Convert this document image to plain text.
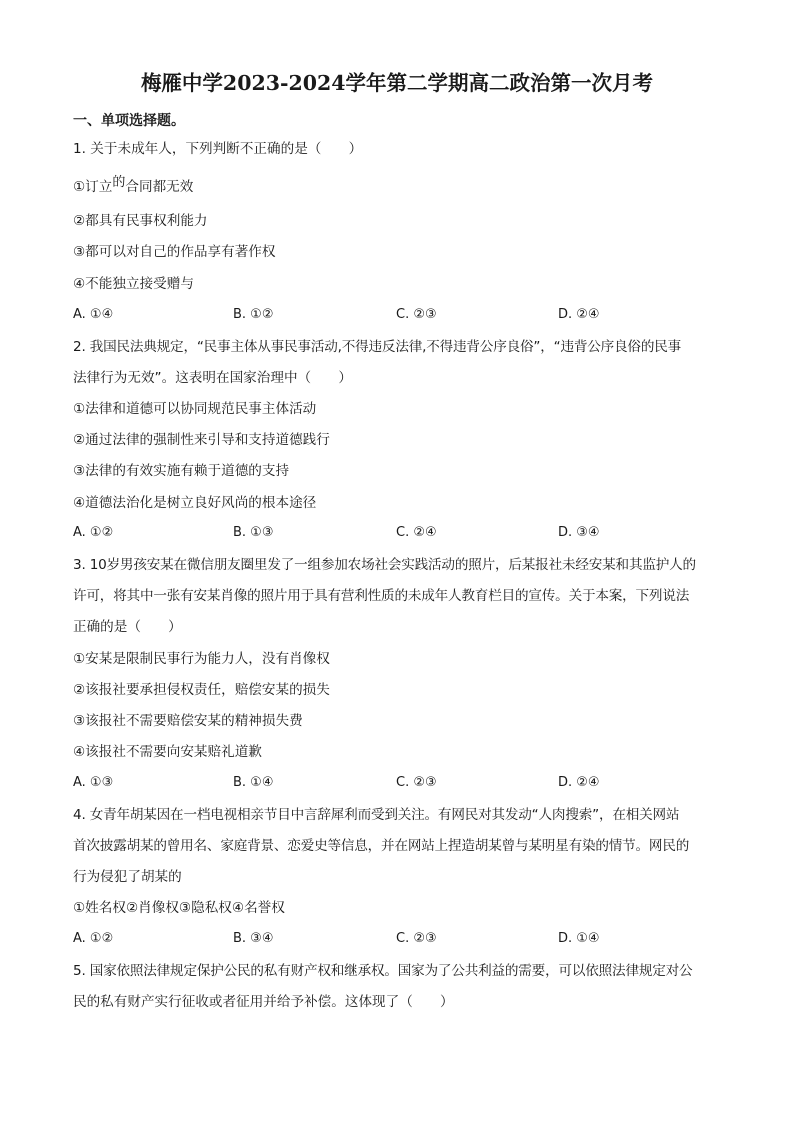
梅雁中学2023-2024学年第二学期高二政治第一次月考
一、单项选择题。
1. 关于未成年人，下列判断不正确的是（　　）
①订立的合同都无效
②都具有民事权利能力
③都可以对自己的作品享有著作权
④不能独立接受赠与
A. ①④	B. ①②	C. ②③	D. ②④
2. 我国民法典规定，“民事主体从事民事活动,不得违反法律,不得违背公序良俗”，“违背公序良俗的民事
法律行为无效”。这表明在国家治理中（　　）
①法律和道德可以协同规范民事主体活动
②通过法律的强制性来引导和支持道德践行
③法律的有效实施有赖于道德的支持
④道德法治化是树立良好风尚的根本途径
A. ①②	B. ①③	C. ②④	D. ③④
3. 10岁男孩安某在微信朋友圈里发了一组参加农场社会实践活动的照片，后某报社未经安某和其监护人的
许可，将其中一张有安某肖像的照片用于具有营利性质的未成年人教育栏目的宣传。关于本案，下列说法
正确的是（　　）
①安某是限制民事行为能力人，没有肖像权
②该报社要承担侵权责任，赔偿安某的损失
③该报社不需要赔偿安某的精神损失费
④该报社不需要向安某赔礼道歉
A. ①③	B. ①④	C. ②③	D. ②④
4. 女青年胡某因在一档电视相亲节目中言辞犀利而受到关注。有网民对其发动“人肉搜索”，在相关网站
首次披露胡某的曾用名、家庭背景、恋爱史等信息，并在网站上捏造胡某曾与某明星有染的情节。网民的
行为侵犯了胡某的
①姓名权②肖像权③隐私权④名誉权
A. ①②	B. ③④	C. ②③	D. ①④
5. 国家依照法律规定保护公民的私有财产权和继承权。国家为了公共利益的需要，可以依照法律规定对公
民的私有财产实行征收或者征用并给予补偿。这体现了（　　）
